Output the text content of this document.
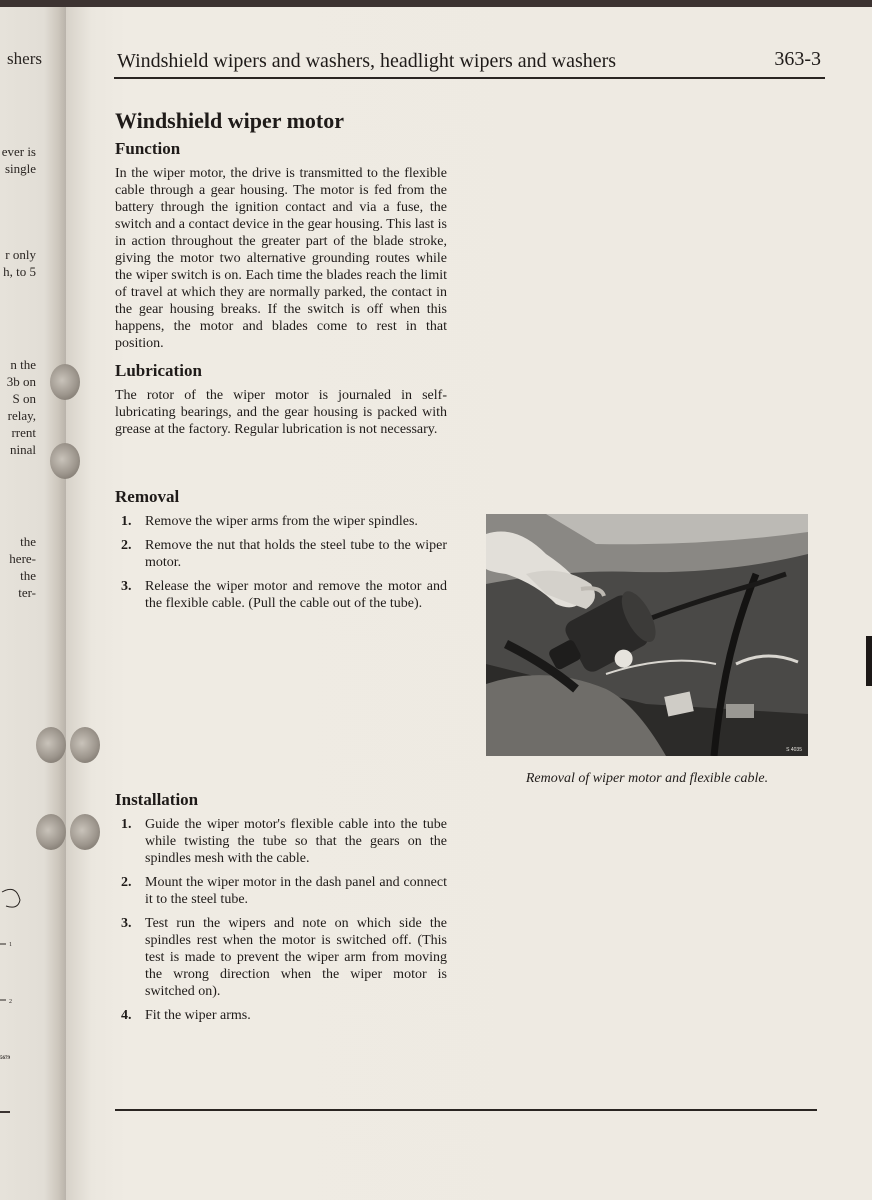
shers
ever is
single
r only
h, to 5
n the
3b on
S on
relay,
rrent
ninal
the
here-
the
ter-
1
2
5679
Windshield wipers and washers, headlight wipers and washers	363-3
Windshield wiper motor
Function

In the wiper motor, the drive is transmitted to the flexible cable through a gear housing. The motor is fed from the battery through the ignition contact and via a fuse, the switch and a contact device in the gear housing. This last is in action throughout the greater part of the blade stroke, giving the motor two alternative grounding routes while the wiper switch is on. Each time the blades reach the limit of travel at which they are normally parked, the contact in the gear housing breaks. If the switch is off when this happens, the motor and blades come to rest in that position.

Lubrication

The rotor of the wiper motor is journaled in self-lubricating bearings, and the gear housing is packed with grease at the factory. Regular lubrication is not necessary.

Removal
1. Remove the wiper arms from the wiper spindles.
2. Remove the nut that holds the steel tube to the wiper motor.
3. Release the wiper motor and remove the motor and the flexible cable. (Pull the cable out of the tube).
Installation
1. Guide the wiper motor's flexible cable into the tube while twisting the tube so that the gears on the spindles mesh with the cable.
2. Mount the wiper motor in the dash panel and connect it to the steel tube.
3. Test run the wipers and note on which side the spindles rest when the motor is switched off. (This test is made to prevent the wiper arm from moving the wrong direction when the wiper motor is switched on).
4. Fit the wiper arms.
S 4035
Removal of wiper motor and flexible cable.
